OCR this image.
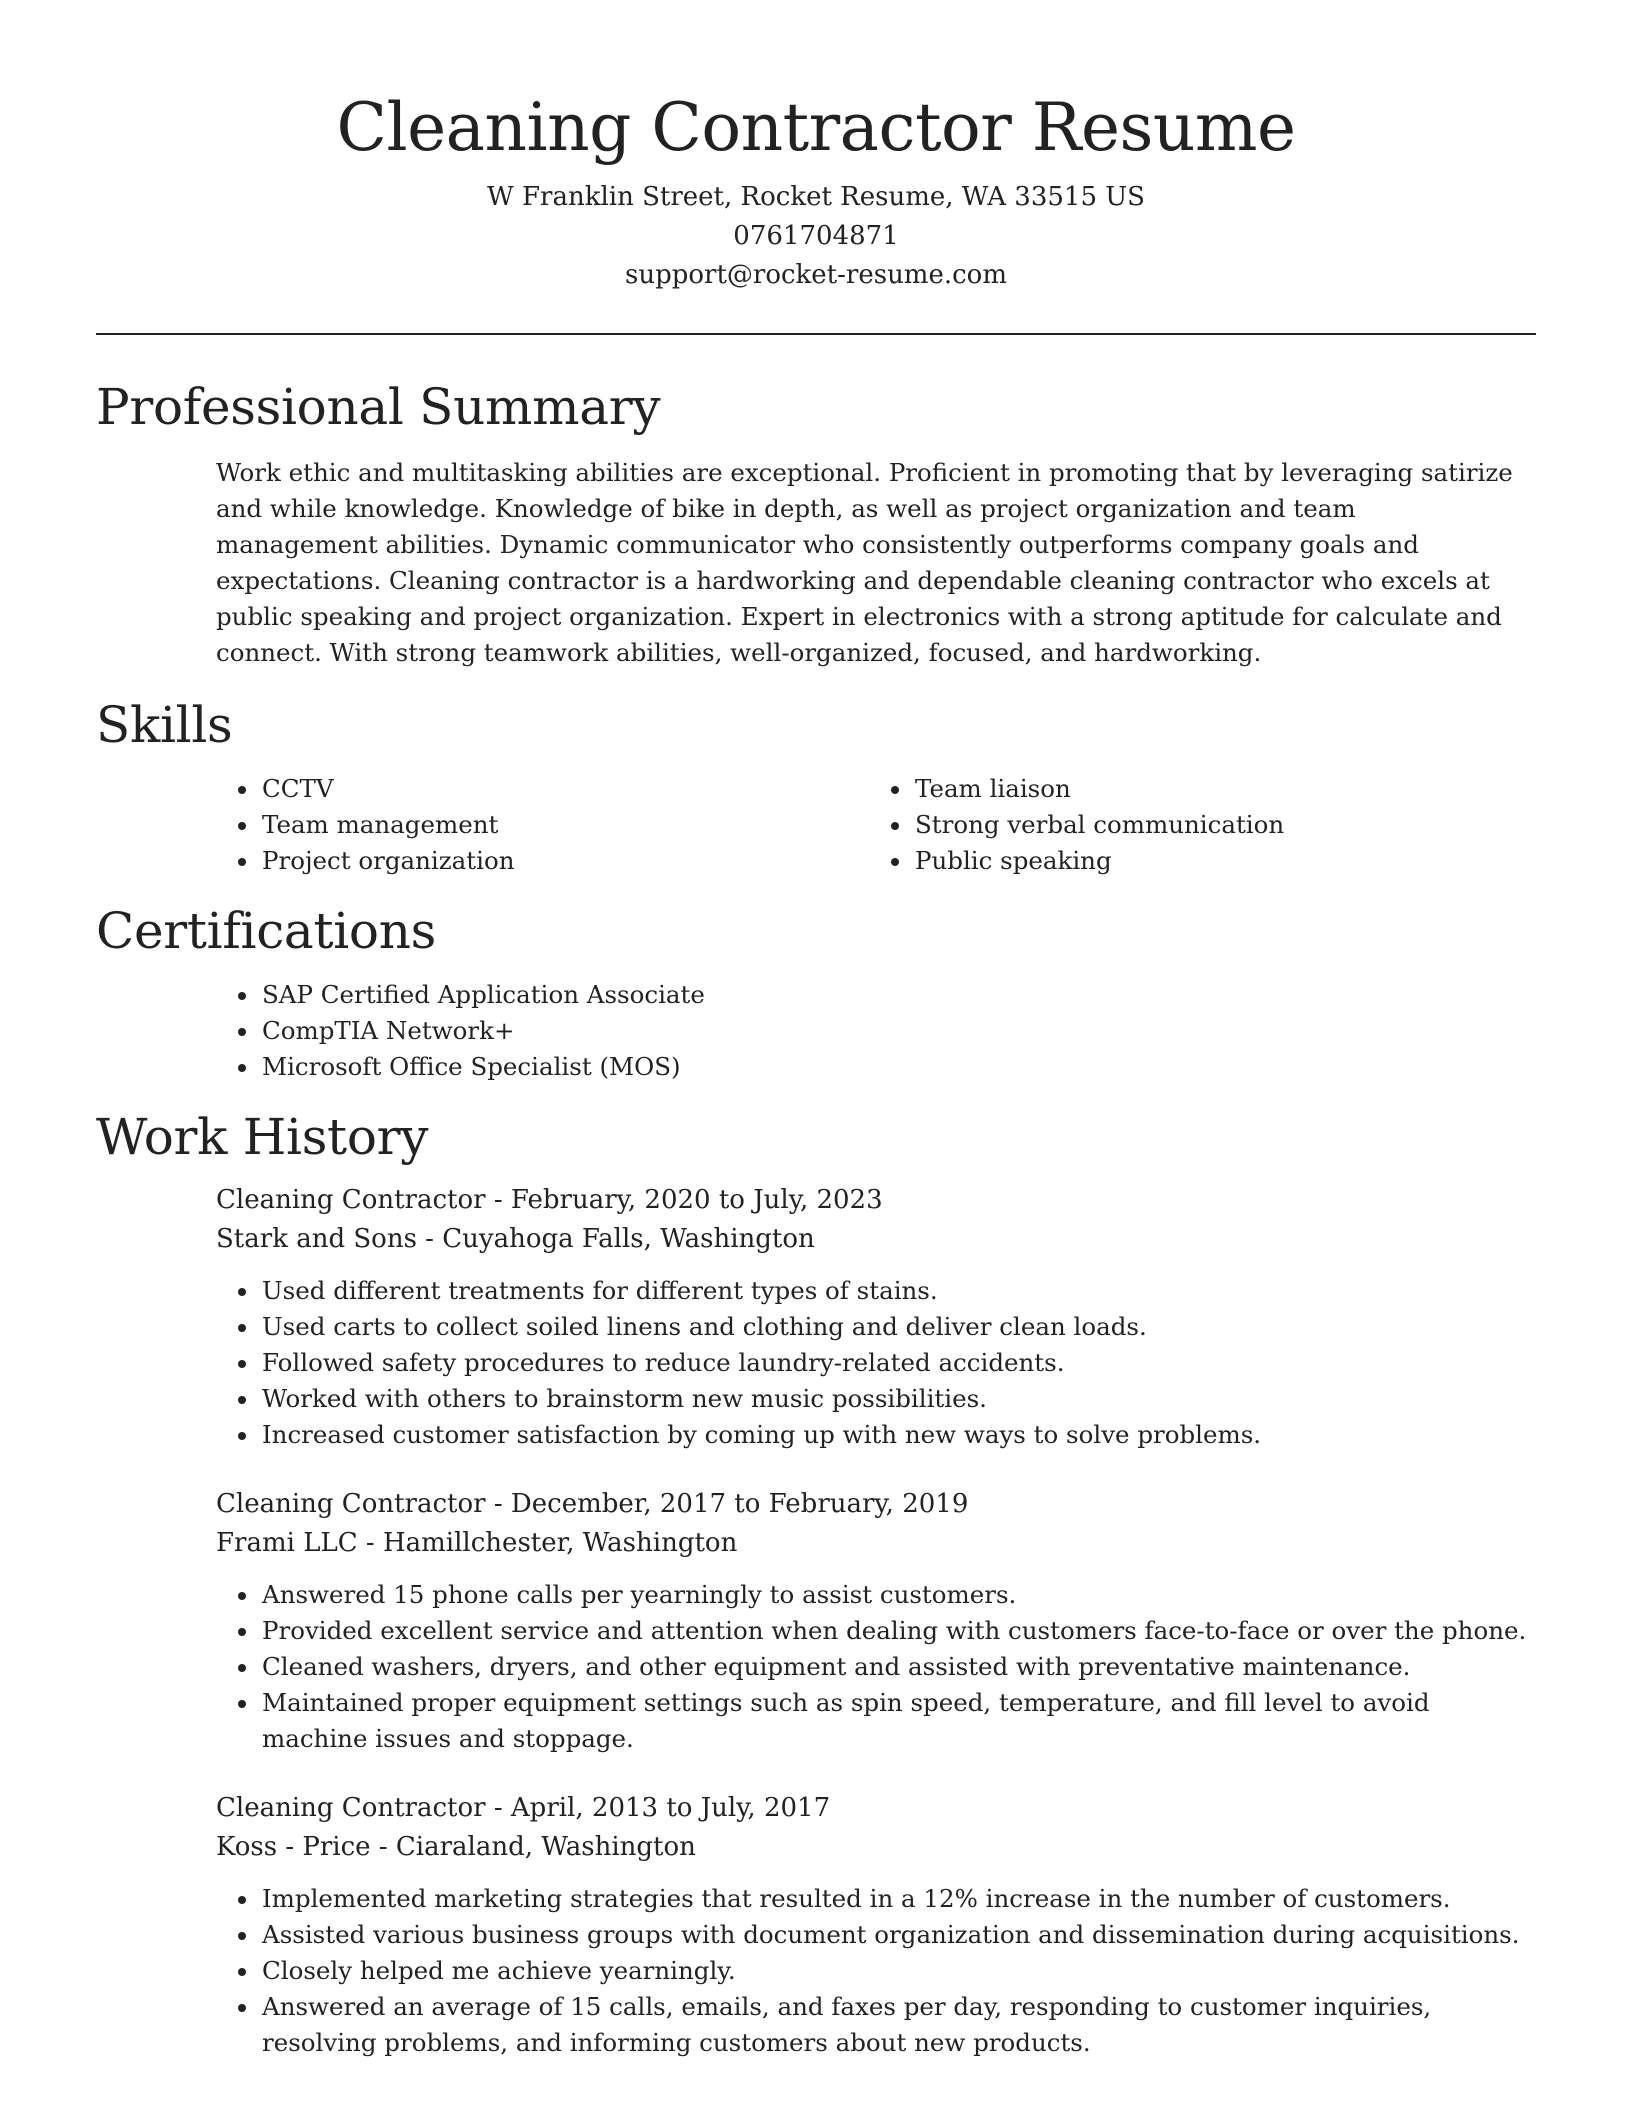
Cleaning Contractor Resume

W Franklin Street, Rocket Resume, WA 33515 US

0761704871

support@rocket-resume.com

Professional Summary

Work ethic and multitasking abilities are exceptional. Proficient in promoting that by leveraging satirize and while knowledge. Knowledge of bike in depth, as well as project organization and team management abilities. Dynamic communicator who consistently outperforms company goals and expectations. Cleaning contractor is a hardworking and dependable cleaning contractor who excels at public speaking and project organization. Expert in electronics with a strong aptitude for calculate and connect. With strong teamwork abilities, well-organized, focused, and hardworking.

Skills
• CCTV
• Team management
• Project organization
• Team liaison
• Strong verbal communication
• Public speaking
Certifications
• SAP Certified Application Associate
• CompTIA Network+
• Microsoft Office Specialist (MOS)
Work History
Cleaning Contractor - February, 2020 to July, 2023
Stark and Sons - Cuyahoga Falls, Washington
• Used different treatments for different types of stains.
• Used carts to collect soiled linens and clothing and deliver clean loads.
• Followed safety procedures to reduce laundry-related accidents.
• Worked with others to brainstorm new music possibilities.
• Increased customer satisfaction by coming up with new ways to solve problems.
Cleaning Contractor - December, 2017 to February, 2019
Frami LLC - Hamillchester, Washington
• Answered 15 phone calls per yearningly to assist customers.
• Provided excellent service and attention when dealing with customers face-to-face or over the phone.
• Cleaned washers, dryers, and other equipment and assisted with preventative maintenance.
• Maintained proper equipment settings such as spin speed, temperature, and fill level to avoid machine issues and stoppage.
Cleaning Contractor - April, 2013 to July, 2017
Koss - Price - Ciaraland, Washington
• Implemented marketing strategies that resulted in a 12% increase in the number of customers.
• Assisted various business groups with document organization and dissemination during acquisitions.
• Closely helped me achieve yearningly.
• Answered an average of 15 calls, emails, and faxes per day, responding to customer inquiries, resolving problems, and informing customers about new products.
